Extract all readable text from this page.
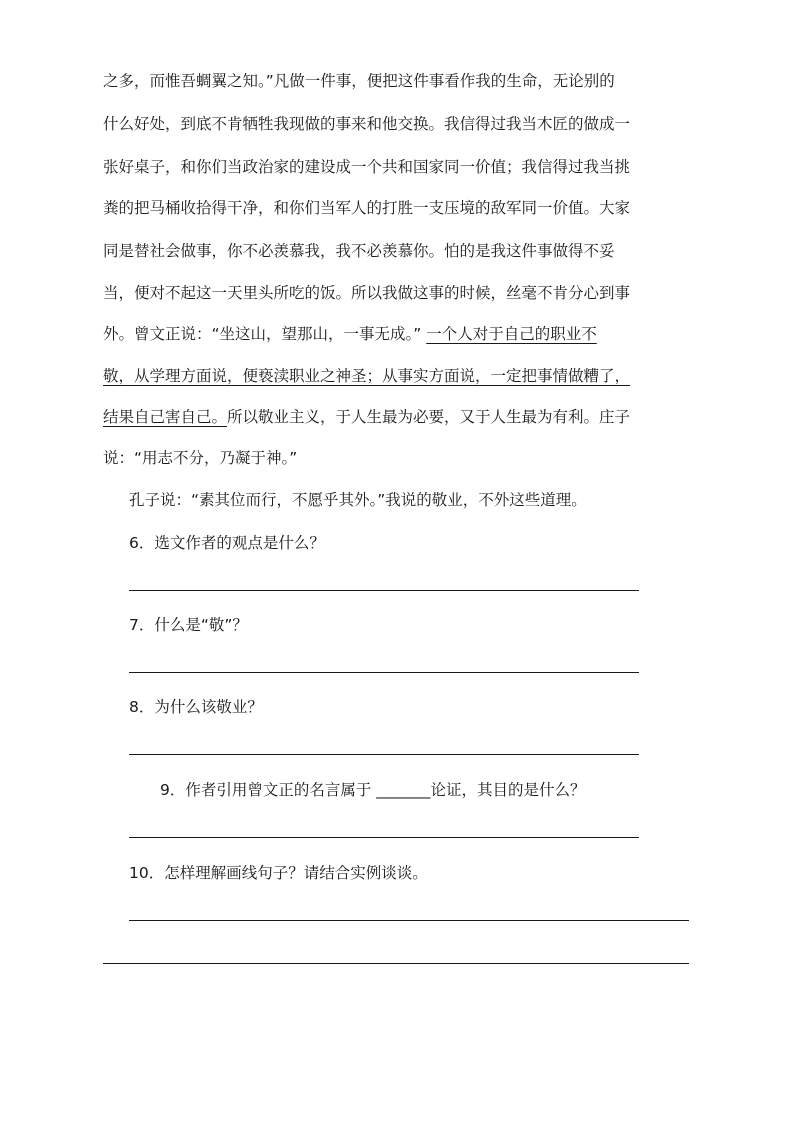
之多，而惟吾蜩翼之知。”凡做一件事，便把这件事看作我的生命，无论别的
什么好处，到底不肯牺牲我现做的事来和他交换。我信得过我当木匠的做成一
张好桌子，和你们当政治家的建设成一个共和国家同一价值；我信得过我当挑
粪的把马桶收拾得干净，和你们当军人的打胜一支压境的敌军同一价值。大家
同是替社会做事，你不必羡慕我，我不必羡慕你。怕的是我这件事做得不妥
当，便对不起这一天里头所吃的饭。所以我做这事的时候，丝毫不肯分心到事
外。曾文正说：“坐这山，望那山，一事无成。” 一个人对于自己的职业不
敬，从学理方面说，便亵渎职业之神圣；从事实方面说，一定把事情做糟了，
结果自己害自己。所以敬业主义，于人生最为必要，又于人生最为有利。庄子
说：“用志不分，乃凝于神。”
孔子说：“素其位而行，不愿乎其外。”我说的敬业，不外这些道理。
6．选文作者的观点是什么？
7．什么是“敬”？
8．为什么该敬业？
9．作者引用曾文正的名言属于 _______论证，其目的是什么？
10．怎样理解画线句子？请结合实例谈谈。
